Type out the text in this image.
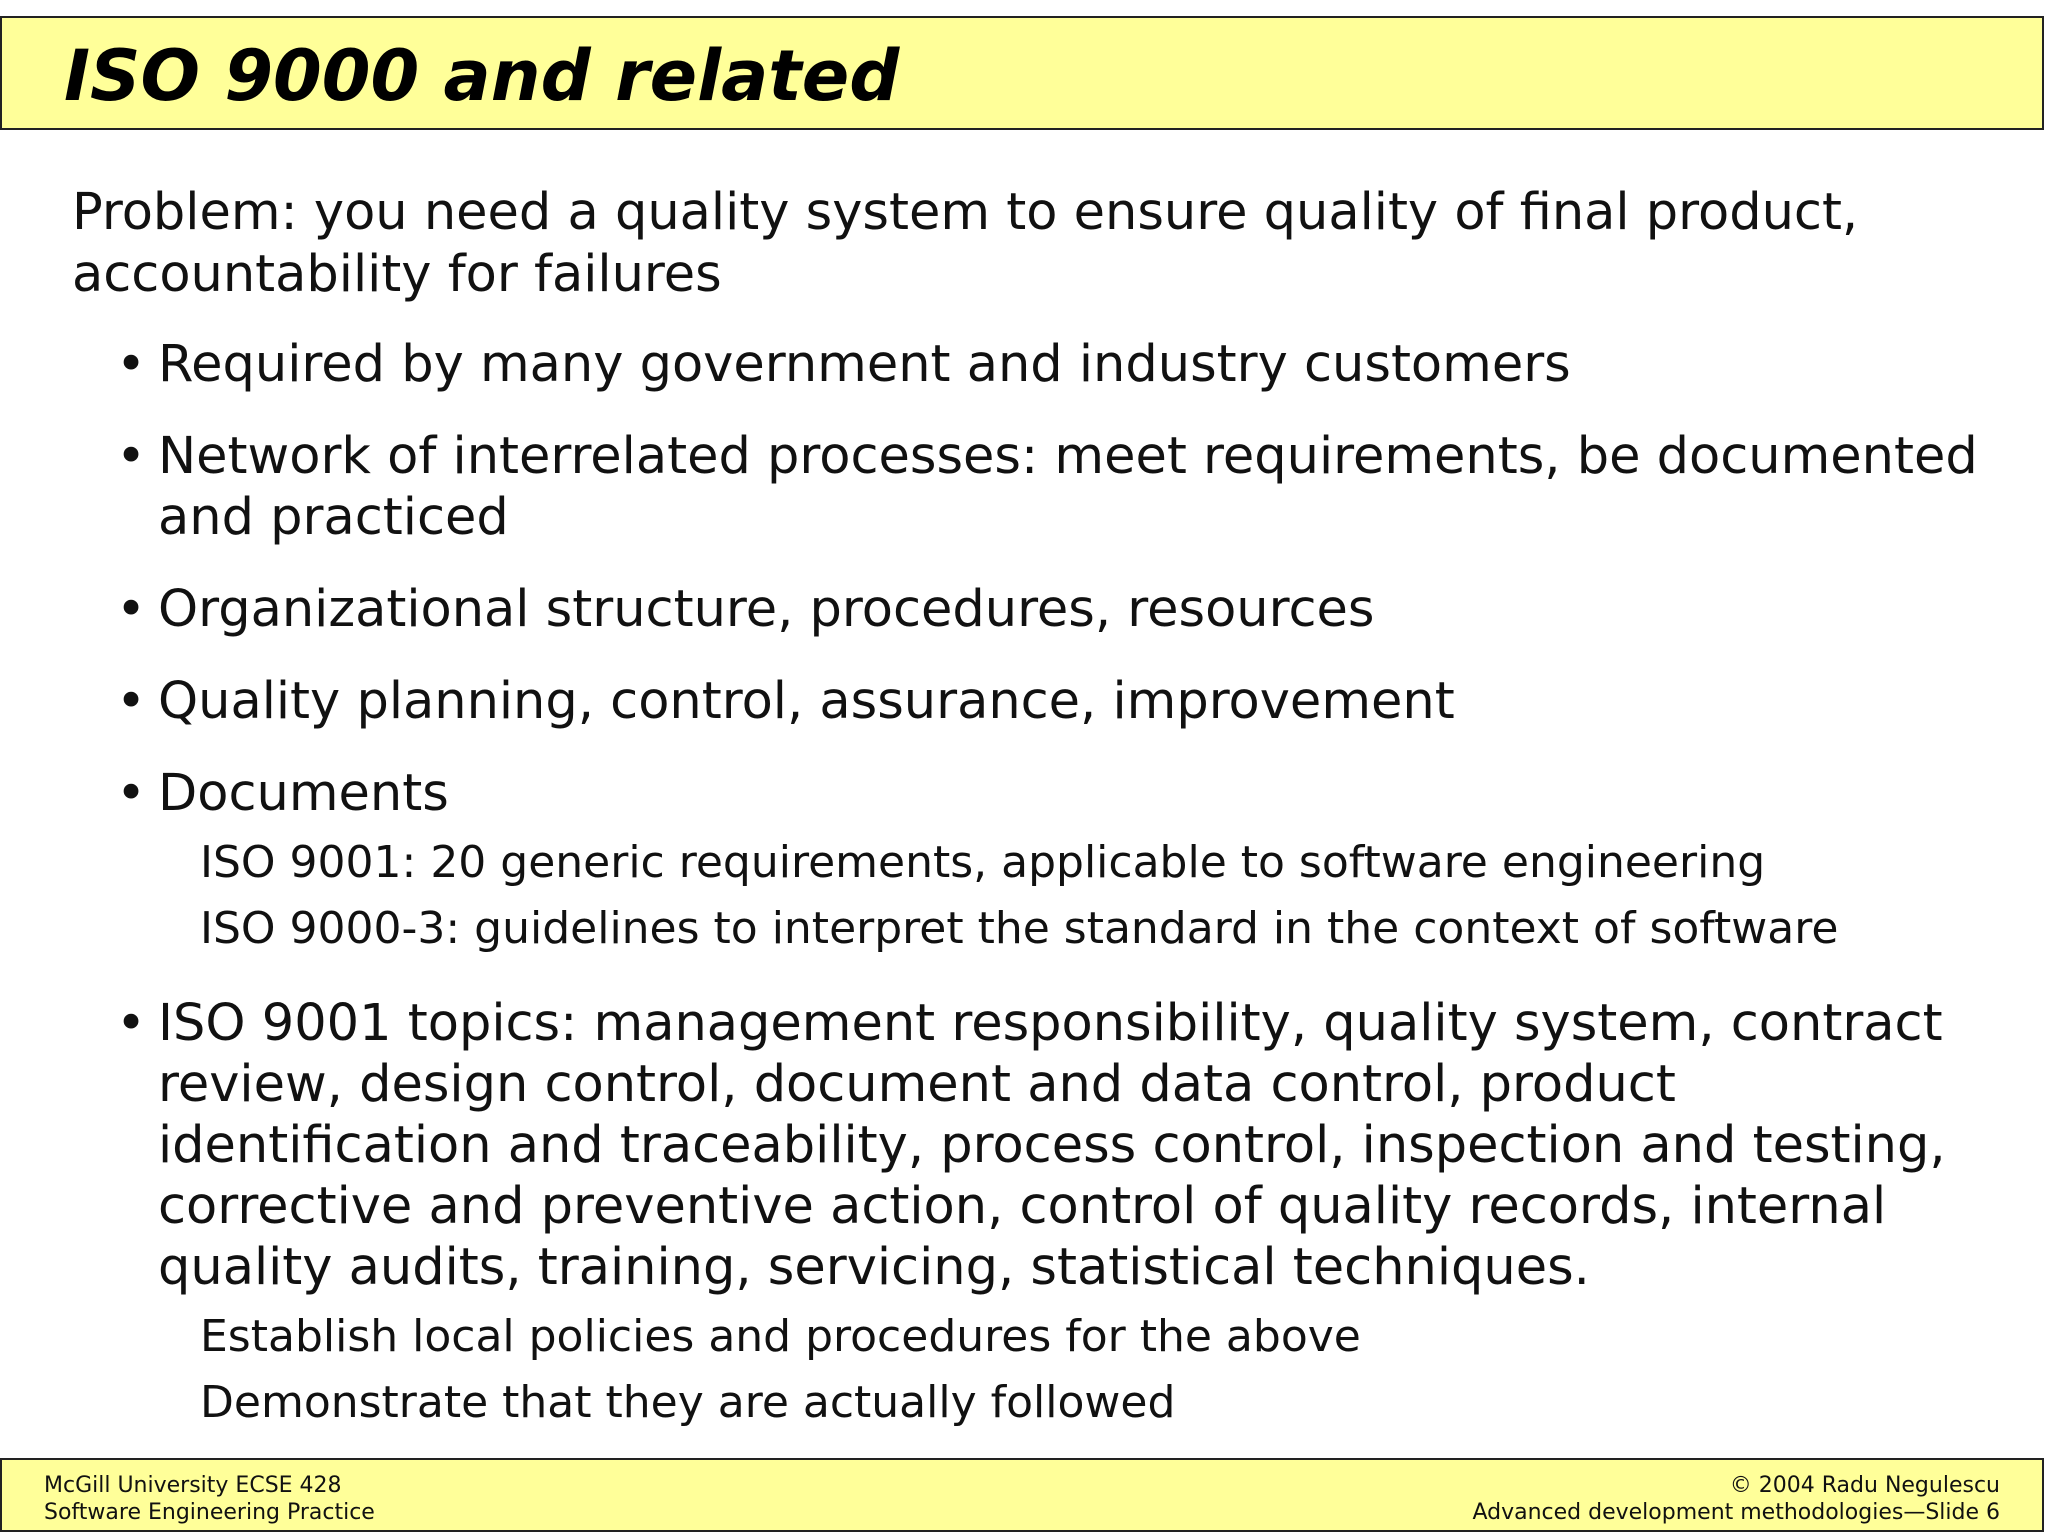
ISO 9000 and related

Problem: you need a quality system to ensure quality of final product, accountability for failures

• Required by many government and industry customers
• Network of interrelated processes: meet requirements, be documented and practiced
• Organizational structure, procedures, resources
• Quality planning, control, assurance, improvement
• Documents
ISO 9001: 20 generic requirements, applicable to software engineering
ISO 9000-3: guidelines to interpret the standard in the context of software
• ISO 9001 topics: management responsibility, quality system, contract review, design control, document and data control, product identification and traceability, process control, inspection and testing, corrective and preventive action, control of quality records, internal quality audits, training, servicing, statistical techniques.
Establish local policies and procedures for the above
Demonstrate that they are actually followed
McGill University ECSE 428
Software Engineering Practice
© 2004 Radu Negulescu
Advanced development methodologies—Slide 6
